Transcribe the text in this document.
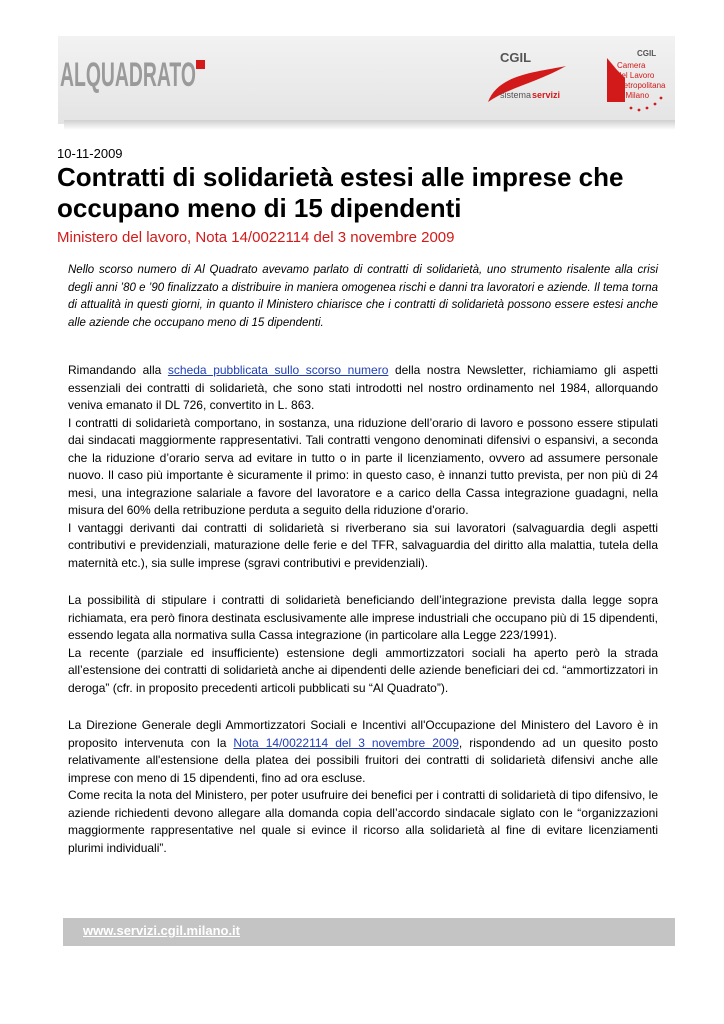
ALQUADRATO	CGIL
sistema servizi
CGIL
Camera
del Lavoro
Metropolitana
di Milano
10-11-2009
Contratti di solidarietà estesi alle imprese che occupano meno di 15 dipendenti
Ministero del lavoro, Nota 14/0022114 del 3 novembre 2009

Nello scorso numero di Al Quadrato avevamo parlato di contratti di solidarietà, uno strumento risalente alla crisi degli anni ’80 e ’90 finalizzato a distribuire in maniera omogenea rischi e danni tra lavoratori e aziende. Il tema torna di attualità in questi giorni, in quanto il Ministero chiarisce che i contratti di solidarietà possono essere estesi anche alle aziende che occupano meno di 15 dipendenti.

Rimandando alla scheda pubblicata sullo scorso numero della nostra Newsletter, richiamiamo gli aspetti essenziali dei contratti di solidarietà, che sono stati introdotti nel nostro ordinamento nel 1984, allorquando veniva emanato il DL 726, convertito in L. 863.

I contratti di solidarietà comportano, in sostanza, una riduzione dell’orario di lavoro e possono essere stipulati dai sindacati maggiormente rappresentativi. Tali contratti vengono denominati difensivi o espansivi, a seconda che la riduzione d’orario serva ad evitare in tutto o in parte il licenziamento, ovvero ad assumere personale nuovo. Il caso più importante è sicuramente il primo: in questo caso, è innanzi tutto prevista, per non più di 24 mesi, una integrazione salariale a favore del lavoratore e a carico della Cassa integrazione guadagni, nella misura del 60% della retribuzione perduta a seguito della riduzione d'orario.

I vantaggi derivanti dai contratti di solidarietà si riverberano sia sui lavoratori (salvaguardia degli aspetti contributivi e previdenziali, maturazione delle ferie e del TFR, salvaguardia del diritto alla malattia, tutela della maternità etc.), sia sulle imprese (sgravi contributivi e previdenziali).

La possibilità di stipulare i contratti di solidarietà beneficiando dell’integrazione prevista dalla legge sopra richiamata, era però finora destinata esclusivamente alle imprese industriali che occupano più di 15 dipendenti, essendo legata alla normativa sulla Cassa integrazione (in particolare alla Legge 223/1991).

La recente (parziale ed insufficiente) estensione degli ammortizzatori sociali ha aperto però la strada all’estensione dei contratti di solidarietà anche ai dipendenti delle aziende beneficiari dei cd. “ammortizzatori in deroga” (cfr. in proposito precedenti articoli pubblicati su “Al Quadrato”).

La Direzione Generale degli Ammortizzatori Sociali e Incentivi all'Occupazione del Ministero del Lavoro è in proposito intervenuta con la Nota 14/0022114 del 3 novembre 2009, rispondendo ad un quesito posto relativamente all'estensione della platea dei possibili fruitori dei contratti di solidarietà difensivi anche alle imprese con meno di 15 dipendenti, fino ad ora escluse.

Come recita la nota del Ministero, per poter usufruire dei benefici per i contratti di solidarietà di tipo difensivo, le aziende richiedenti devono allegare alla domanda copia dell’accordo sindacale siglato con le “organizzazioni maggiormente rappresentative nel quale si evince il ricorso alla solidarietà al fine di evitare licenziamenti plurimi individuali”.

www.servizi.cgil.milano.it
